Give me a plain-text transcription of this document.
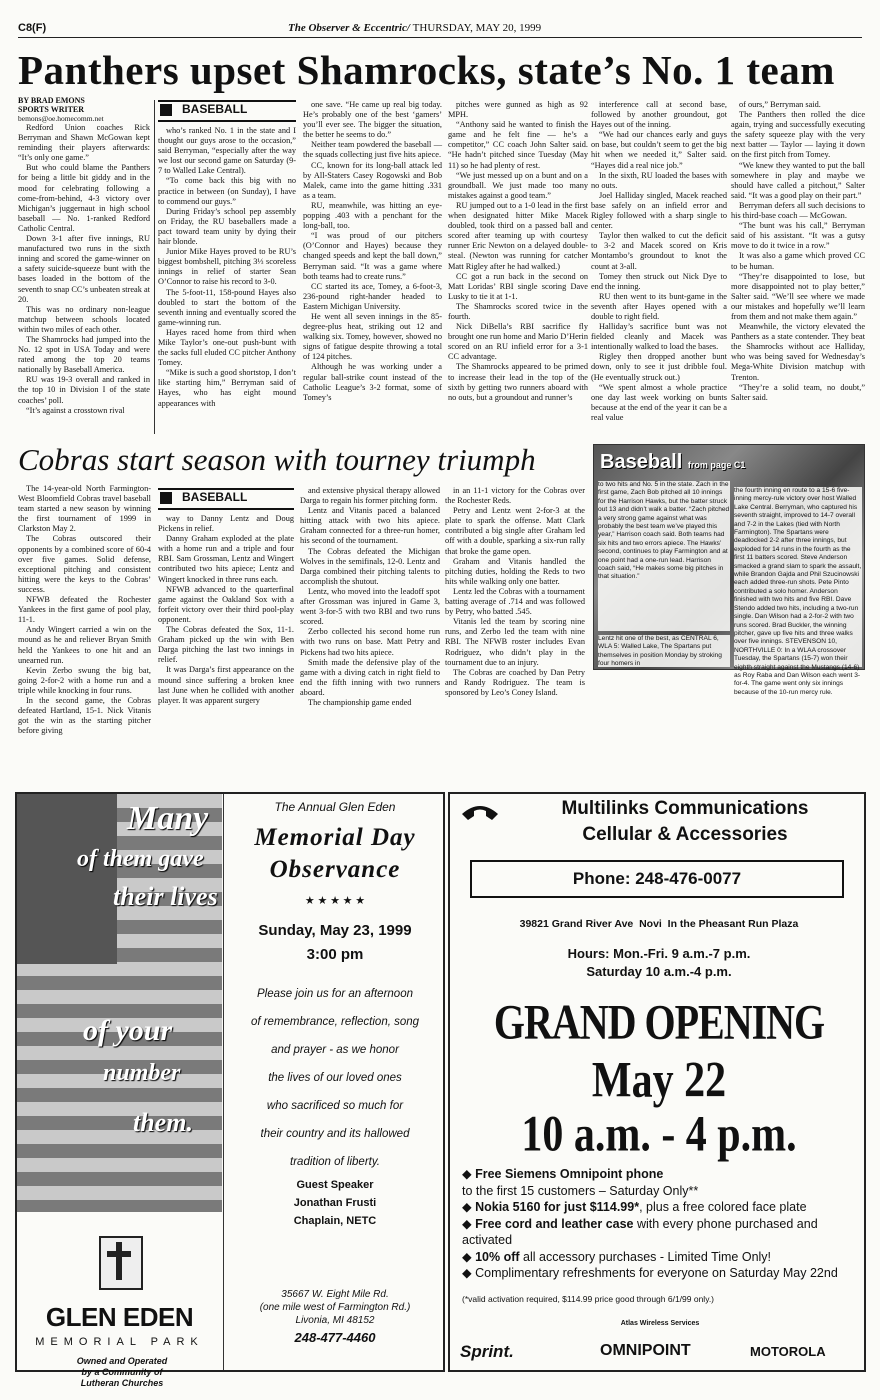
C8(F)	The Observer & Eccentric/ THURSDAY, MAY 20, 1999
Panthers upset Shamrocks, state’s No. 1 team
BY BRAD EMONS
SPORTS WRITER
bemons@oe.homecomm.net

Redford Union coaches Rick Berryman and Shawn McGowan kept reminding their players afterwards: “It’s only one game.”

But who could blame the Panthers for being a little bit giddy and in the mood for celebrating following a come-from-behind, 4-3 victory over Michigan’s juggernaut in high school baseball — No. 1-ranked Redford Catholic Central.

Down 3-1 after five innings, RU manufactured two runs in the sixth inning and scored the game-winner on a safety suicide-squeeze bunt with the bases loaded in the bottom of the seventh to snap CC’s unbeaten streak at 20.

This was no ordinary non-league matchup between schools located within two miles of each other.

The Shamrocks had jumped into the No. 12 spot in USA Today and were rated among the top 20 teams nationally by Baseball America.

RU was 19-3 overall and ranked in the top 10 in Division I of the state coaches’ poll.

“It’s against a crosstown rival

BASEBALL

who’s ranked No. 1 in the state and I thought our guys arose to the occasion,” said Berryman, “especially after the way we lost our second game on Saturday (9-7 to Walled Lake Central).

“To come back this big with no practice in between (on Sunday), I have to commend our guys.”

During Friday’s school pep assembly on Friday, the RU baseballers made a pact toward team unity by dying their hair blonde.

Junior Mike Hayes proved to be RU’s biggest bombshell, pitching 3⅓ scoreless innings in relief of starter Sean O’Connor to raise his record to 3-0.

The 5-foot-11, 158-pound Hayes also doubled to start the bottom of the seventh inning and eventually scored the game-winning run.

Hayes raced home from third when Mike Taylor’s one-out push-bunt with the sacks full eluded CC pitcher Anthony Tomey.

“Mike is such a good shortstop, I don’t like starting him,” Berryman said of Hayes, who has eight mound appearances with

one save. “He came up real big today. He’s probably one of the best ‘gamers’ you’ll ever see. The bigger the situation, the better he seems to do.”

Neither team powdered the baseball — the squads collecting just five hits apiece.

CC, known for its long-ball attack led by All-Staters Casey Rogowski and Bob Malek, came into the game hitting .331 as a team.

RU, meanwhile, was hitting an eye-popping .403 with a penchant for the long-ball, too.

“I was proud of our pitchers (O’Connor and Hayes) because they changed speeds and kept the ball down,” Berryman said. “It was a game where both teams had to create runs.”

CC started its ace, Tomey, a 6-foot-3, 236-pound right-hander headed to Eastern Michigan University.

He went all seven innings in the 85-degree-plus heat, striking out 12 and walking six. Tomey, however, showed no signs of fatigue despite throwing a total of 124 pitches.

Although he was working under a regular ball-strike count instead of the Catholic League’s 3-2 format, some of Tomey’s

pitches were gunned as high as 92 MPH.

“Anthony said he wanted to finish the game and he felt fine — he’s a competitor,” CC coach John Salter said. “He hadn’t pitched since Tuesday (May 11) so he had plenty of rest.

“We just messed up on a bunt and on a groundball. We just made too many mistakes against a good team.”

RU jumped out to a 1-0 lead in the first when designated hitter Mike Macek doubled, took third on a passed ball and scored after teaming up with courtesy runner Eric Newton on a delayed double-steal. (Newton was running for catcher Matt Rigley after he had walked.)

CC got a run back in the second on Matt Loridas’ RBI single scoring Dave Lusky to tie it at 1-1.

The Shamrocks scored twice in the fourth.

Nick DiBella’s RBI sacrifice fly brought one run home and Mario D’Herin scored on an RU infield error for a 3-1 CC advantage.

The Shamrocks appeared to be primed to increase their lead in the top of the sixth by getting two runners aboard with no outs, but a groundout and runner’s

interference call at second base, followed by another groundout, got Hayes out of the inning.

“We had our chances early and guys on base, but couldn’t seem to get the big hit when we needed it,” Salter said. “Hayes did a real nice job.”

In the sixth, RU loaded the bases with no outs.

Joel Halliday singled, Macek reached base safely on an infield error and Rigley followed with a sharp single to center.

Taylor then walked to cut the deficit to 3-2 and Macek scored on Kris Montambo’s groundout to knot the count at 3-all.

Tomey then struck out Nick Dye to end the inning.

RU then went to its bunt-game in the seventh after Hayes opened with a double to right field.

Halliday’s sacrifice bunt was not fielded cleanly and Macek was intentionally walked to load the bases.

Rigley then dropped another bunt down, only to see it just dribble foul. (He eventually struck out.)

“We spent almost a whole practice one day last week working on bunts because at the end of the year it can be a real value

of ours,” Berryman said.

The Panthers then rolled the dice again, trying and successfully executing the safety squeeze play with the very next batter — Taylor — laying it down on the first pitch from Tomey.

“We knew they wanted to put the ball somewhere in play and maybe we should have called a pitchout,” Salter said. “It was a good play on their part.”

Berryman defers all such decisions to his third-base coach — McGowan.

“The bunt was his call,” Berryman said of his assistant. “It was a gutsy move to do it twice in a row.”

It was also a game which proved CC to be human.

“They’re disappointed to lose, but more disappointed not to play better,” Salter said. “We’ll see where we made our mistakes and hopefully we’ll learn from them and not make them again.”

Meanwhile, the victory elevated the Panthers as a state contender. They beat the Shamrocks without ace Halliday, who was being saved for Wednesday’s Mega-White Division matchup with Trenton.

“They’re a solid team, no doubt,” Salter said.

Cobras start season with tourney triumph

The 14-year-old North Farmington-West Bloomfield Cobras travel baseball team started a new season by winning the first tournament of 1999 in Clarkston May 2.

The Cobras outscored their opponents by a combined score of 60-4 over five games. Solid defense, exceptional pitching and consistent hitting were the keys to the Cobras’ success.

NFWB defeated the Rochester Yankees in the first game of pool play, 11-1.

Andy Wingert carried a win on the mound as he and reliever Bryan Smith held the Yankees to one hit and an unearned run.

Kevin Zerbo swung the big bat, going 2-for-2 with a home run and a triple while knocking in four runs.

In the second game, the Cobras defeated Hartland, 15-1. Nick Vitanis got the win as the starting pitcher before giving

BASEBALL

way to Danny Lentz and Doug Pickens in relief.

Danny Graham exploded at the plate with a home run and a triple and four RBI. Sam Grossman, Lentz and Wingert contributed two hits apiece; Lentz and Wingert knocked in three runs each.

NFWB advanced to the quarterfinal game against the Oakland Sox with a forfeit victory over their third pool-play opponent.

The Cobras defeated the Sox, 11-1. Graham picked up the win with Ben Darga pitching the last two innings in relief.

It was Darga’s first appearance on the mound since suffering a broken knee last June when he collided with another player. It was apparent surgery

and extensive physical therapy allowed Darga to regain his former pitching form.

Lentz and Vitanis paced a balanced hitting attack with two hits apiece. Graham connected for a three-run homer, his second of the tournament.

The Cobras defeated the Michigan Wolves in the semifinals, 12-0. Lentz and Darga combined their pitching talents to accomplish the shutout.

Lentz, who moved into the leadoff spot after Grossman was injured in Game 3, went 3-for-5 with two RBI and two runs scored.

Zerbo collected his second home run with two runs on base. Matt Petry and Pickens had two hits apiece.

Smith made the defensive play of the game with a diving catch in right field to end the fifth inning with two runners aboard.

The championship game ended

in an 11-1 victory for the Cobras over the Rochester Reds.

Petry and Lentz went 2-for-3 at the plate to spark the offense. Matt Clark contributed a big single after Graham led off with a double, sparking a six-run rally that broke the game open.

Graham and Vitanis handled the pitching duties, holding the Reds to two hits while walking only one batter.

Lentz led the Cobras with a tournament batting average of .714 and was followed by Petry, who batted .545.

Vitanis led the team by scoring nine runs, and Zerbo led the team with nine RBI. The NFWB roster includes Evan Rodriguez, who didn’t play in the tournament due to an injury.

The Cobras are coached by Dan Petry and Randy Rodriguez. The team is sponsored by Leo’s Coney Island.

Baseball from page C1
to two hits and No. 5 in the state. Zach in the first game, Zach Bob pitched all 10 innings for the Harrison Hawks, but the batter struck out 13 and didn’t walk a batter. “Zach pitched a very strong game against what was probably the best team we’ve played this year,” Harrison coach said. Both teams had six hits and two errors apiece. The Hawks’ second, continues to play Farmington and at one point had a one-run lead. Harrison coach said, “He makes some big pitches in that situation.”
the fourth inning en route to a 15-6 five-inning mercy-rule victory over host Walled Lake Central. Berryman, who captured his seventh straight, improved to 14-7 overall and 7-2 in the Lakes (tied with North Farmington). The Spartans were deadlocked 2-2 after three innings, but exploded for 14 runs in the fourth as the first 11 batters scored. Steve Anderson smacked a grand slam to spark the assault, while Brandon Gajda and Phil Szucinowski each added three-run shots. Pete Pinto contributed a solo homer. Anderson finished with two hits and five RBI. Dave Stendo added two hits, including a two-run single. Dan Wilson had a 2-for-2 with two runs scored. Brad Buckler, the winning pitcher, gave up five hits and three walks over five innings. STEVENSON 10, NORTHVILLE 0: In a WLAA crossover Tuesday, the Spartans (15-7) won their eighth straight against the Mustangs (14-6) as Roy Raba and Dan Wilson each went 3-for-4. The game went only six innings because of the 10-run mercy rule.
Lentz hit one of the best, as CENTRAL 6, WLA 5: Walled Lake, The Spartans put themselves in position Monday by stroking four homers in
Many
of them gave
their lives
of your
number
them.
GLEN EDEN
MEMORIAL PARK
Owned and Operated
by a Community of
Lutheran Churches
The Annual Glen Eden
Memorial Day
Observance
★ ★ ★ ★ ★
Sunday, May 23, 1999
3:00 pm
Please join us for an afternoon
of remembrance, reflection, song
and prayer - as we honor
the lives of our loved ones
who sacrificed so much for
their country and its hallowed
tradition of liberty.
Guest Speaker
Jonathan Frusti
Chaplain, NETC
35667 W. Eight Mile Rd.
(one mile west of Farmington Rd.)
Livonia, MI 48152
248-477-4460
Multilinks Communications
Cellular & Accessories
Phone: 248-476-0077
39821 Grand River Ave  Novi  In the Pheasant Run Plaza
Hours: Mon.-Fri. 9 a.m.-7 p.m.
Saturday 10 a.m.-4 p.m.
GRAND OPENING
May 22
10 a.m. - 4 p.m.
◆ Free Siemens Omnipoint phone
to the first 15 customers – Saturday Only**
◆ Nokia 5160 for just $114.99*, plus a free colored face plate
◆ Free cord and leather case with every phone purchased and activated
◆ 10% off all accessory purchases - Limited Time Only!
◆ Complimentary refreshments for everyone on Saturday May 22nd
(*valid activation required, $114.99 price good through 6/1/99 only.)
Atlas Wireless Services
Sprint.	OMNIPOINT	MOTOROLA
